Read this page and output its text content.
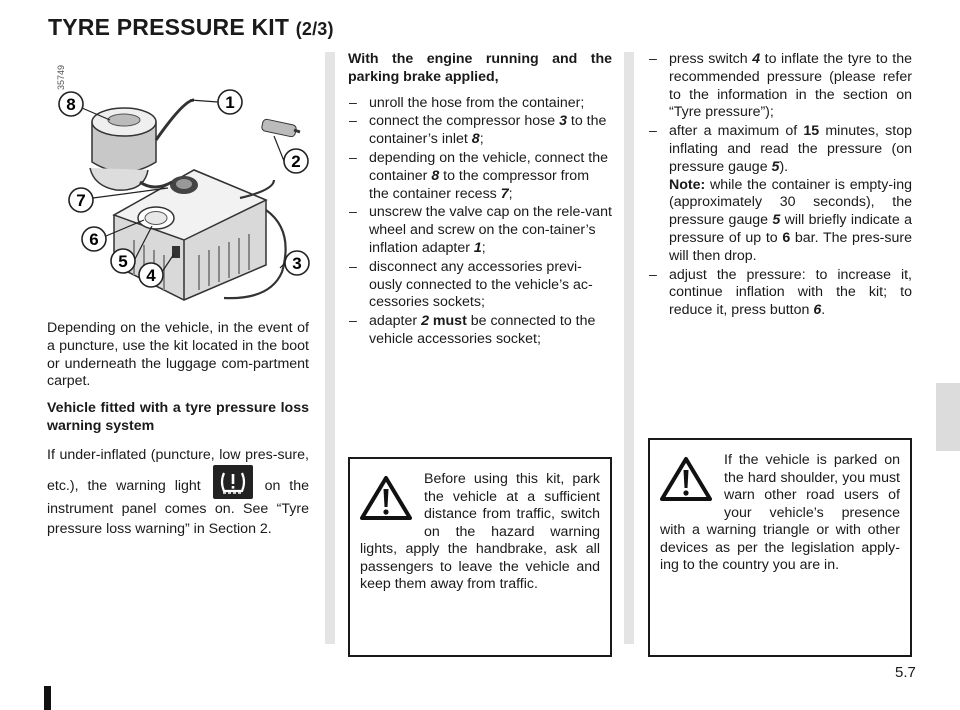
TYRE PRESSURE KIT (2/3)
35749
8	1
2
7
6
5
4
3

Depending on the vehicle, in the event of a puncture, use the kit located in the boot or underneath the luggage com-partment carpet.

Vehicle fitted with a tyre pressure loss warning system

If under-inflated (puncture, low pres-sure, etc.), the warning light	on the instrument panel comes on. See “Tyre pressure loss warning” in Section 2.

With the engine running and the parking brake applied,

– unroll the hose from the container;
– connect the compressor hose 3 to the container’s inlet 8;
– depending on the vehicle, connect the container 8 to the compressor from the container recess 7;
– unscrew the valve cap on the rele-vant wheel and screw on the con-tainer’s inflation adapter 1;
– disconnect any accessories previ-ously connected to the vehicle’s ac-cessories sockets;
– adapter 2 must be connected to the vehicle accessories socket;
– press switch 4 to inflate the tyre to the recommended pressure (please refer to the information in the section on “Tyre pressure”);
– after a maximum of 15 minutes, stop inflating and read the pressure (on pressure gauge 5).
Note: while the container is empty-ing (approximately 30 seconds), the pressure gauge 5 will briefly indicate a pressure of up to 6 bar. The pres-sure will then drop.
– adjust the pressure: to increase it, continue inflation with the kit; to reduce it, press button 6.
Before using this kit, park the vehicle at a sufficient distance from traffic, switch on the hazard warning lights, apply the handbrake, ask all passengers to leave the vehicle and keep them away from traffic.
If the vehicle is parked on the hard shoulder, you must warn other road users of your vehicle’s presence with a warning triangle or with other devices as per the legislation apply-ing to the country you are in.
5.7
